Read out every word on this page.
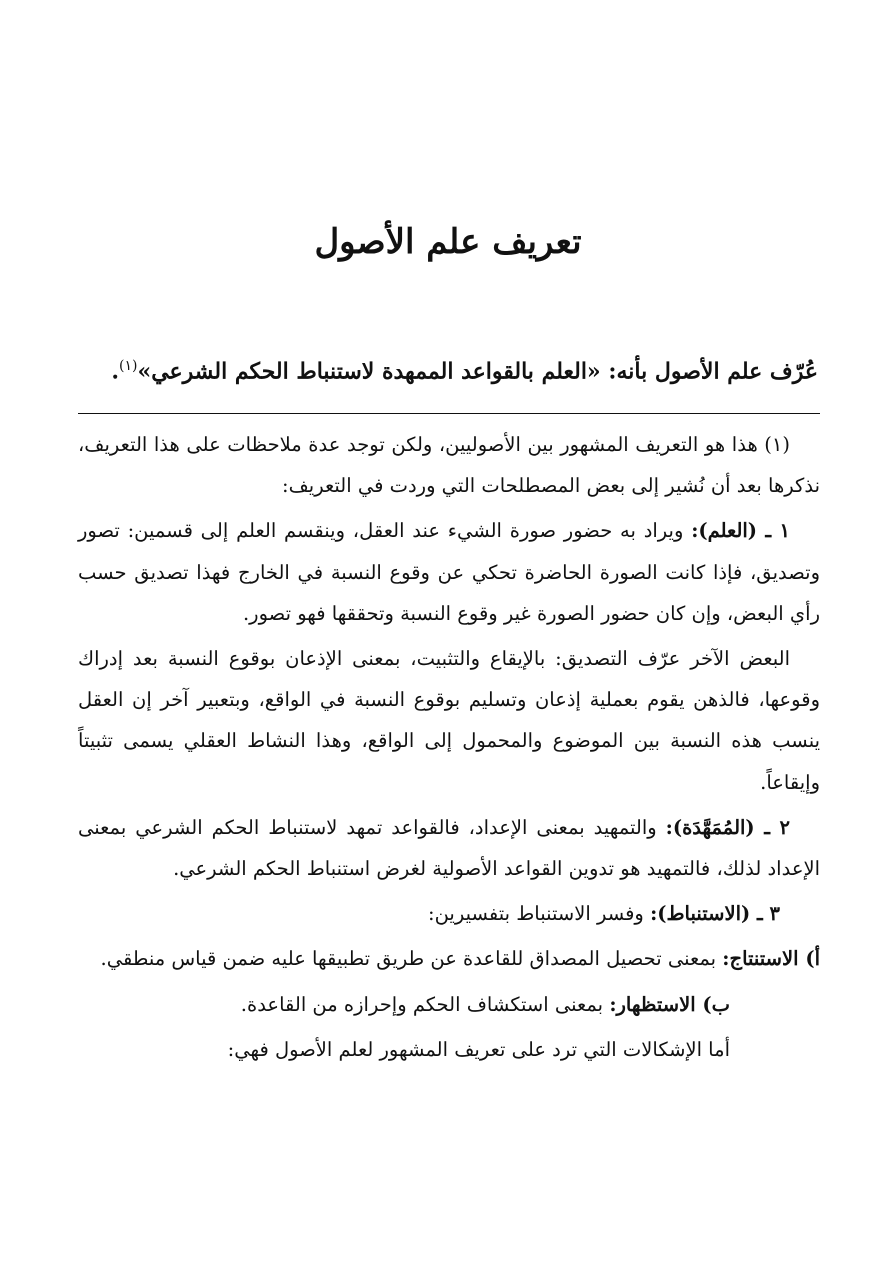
تعريف علم الأصول

عُرّف علم الأصول بأنه: «العلم بالقواعد الممهدة لاستنباط الحكم الشرعي»$^{(١)}$.

(١) هذا هو التعريف المشهور بين الأصوليين، ولكن توجد عدة ملاحظات على هذا التعريف، نذكرها بعد أن نُشير إلى بعض المصطلحات التي وردت في التعريف:

١ ـ (العلم): ويراد به حضور صورة الشيء عند العقل، وينقسم العلم إلى قسمين: تصور وتصديق، فإذا كانت الصورة الحاضرة تحكي عن وقوع النسبة في الخارج فهذا تصديق حسب رأي البعض، وإن كان حضور الصورة غير وقوع النسبة وتحققها فهو تصور.

البعض الآخر عرّف التصديق: بالإيقاع والتثبيت، بمعنى الإذعان بوقوع النسبة بعد إدراك وقوعها، فالذهن يقوم بعملية إذعان وتسليم بوقوع النسبة في الواقع، وبتعبير آخر إن العقل ينسب هذه النسبة بين الموضوع والمحمول إلى الواقع، وهذا النشاط العقلي يسمى تثبيتاً وإيقاعاً.

٢ ـ (المُمَهَّدَة): والتمهيد بمعنى الإعداد، فالقواعد تمهد لاستنباط الحكم الشرعي بمعنى الإعداد لذلك، فالتمهيد هو تدوين القواعد الأصولية لغرض استنباط الحكم الشرعي.

٣ ـ (الاستنباط): وفسر الاستنباط بتفسيرين:

أ) الاستنتاج: بمعنى تحصيل المصداق للقاعدة عن طريق تطبيقها عليه ضمن قياس منطقي.

ب) الاستظهار: بمعنى استكشاف الحكم وإحرازه من القاعدة.

أما الإشكالات التي ترد على تعريف المشهور لعلم الأصول فهي:
